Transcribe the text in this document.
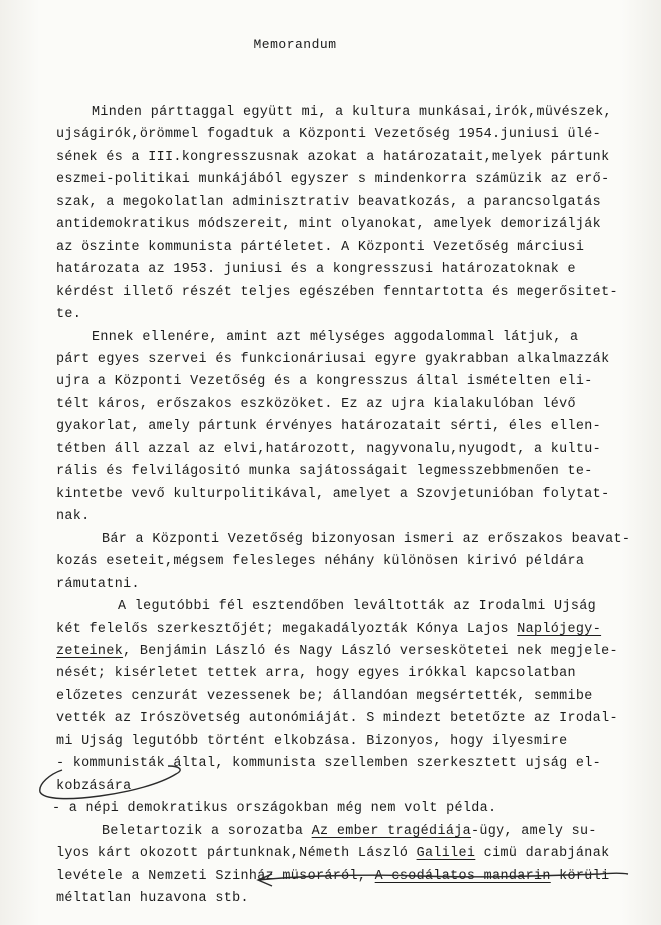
Memorandum
Minden párttaggal együtt mi, a kultura munkásai,irók,müvészek,
ujságirók,örömmel fogadtuk a Központi Vezetőség 1954.juniusi ülé-
sének és a III.kongresszusnak azokat a határozatait,melyek pártunk
eszmei-politikai munkájából egyszer s mindenkorra számüzik az erő-
szak, a megokolatlan adminisztrativ beavatkozás, a parancsolgatás
antidemokratikus módszereit, mint olyanokat, amelyek demorizálják
az öszinte kommunista pártéletet. A Központi Vezetőség márciusi
határozata az 1953. juniusi és a kongresszusi határozatoknak e
kérdést illető részét teljes egészében fenntartotta és megerősitet-
te.
Ennek ellenére, amint azt mélységes aggodalommal látjuk, a
párt egyes szervei és funkcionáriusai egyre gyakrabban alkalmazzák
ujra a Központi Vezetőség és a kongresszus által ismételten eli-
télt káros, erőszakos eszközöket. Ez az ujra kialakulóban lévő
gyakorlat, amely pártunk érvényes határozatait sérti, éles ellen-
tétben áll azzal az elvi,határozott, nagyvonalu,nyugodt, a kultu-
rális és felvilágositó munka sajátosságait legmesszebbmenően te-
kintetbe vevő kulturpolitikával, amelyet a Szovjetunióban folytat-
nak.
Bár a Központi Vezetőség bizonyosan ismeri az erőszakos beavat-
kozás eseteit,mégsem felesleges néhány különösen kirivó példára
rámutatni.
A legutóbbi fél esztendőben leváltották az Irodalmi Ujság
két felelős szerkesztőjét; megakadályozták Kónya Lajos Naplójegy-
zeteinek, Benjámin László és Nagy László verseskötetei nek megjele-
nését; kisérletet tettek arra, hogy egyes irókkal kapcsolatban
előzetes cenzurát vezessenek be; állandóan megsértették, semmibe
vették az Irószövetség autonómiáját. S mindezt betetőzte az Irodal-
mi Ujság legutóbb történt elkobzása. Bizonyos, hogy ilyesmire
- kommunisták által, kommunista szellemben szerkesztett ujság el-
kobzására
- a népi demokratikus országokban még nem volt példa.
Beletartozik a sorozatba Az ember tragédiája-ügy, amely su-
lyos kárt okozott pártunknak,Németh László Galilei cimü darabjának
levétele a Nemzeti Szinház müsoráról, A csodálatos mandarin körüli
méltatlan huzavona stb.
